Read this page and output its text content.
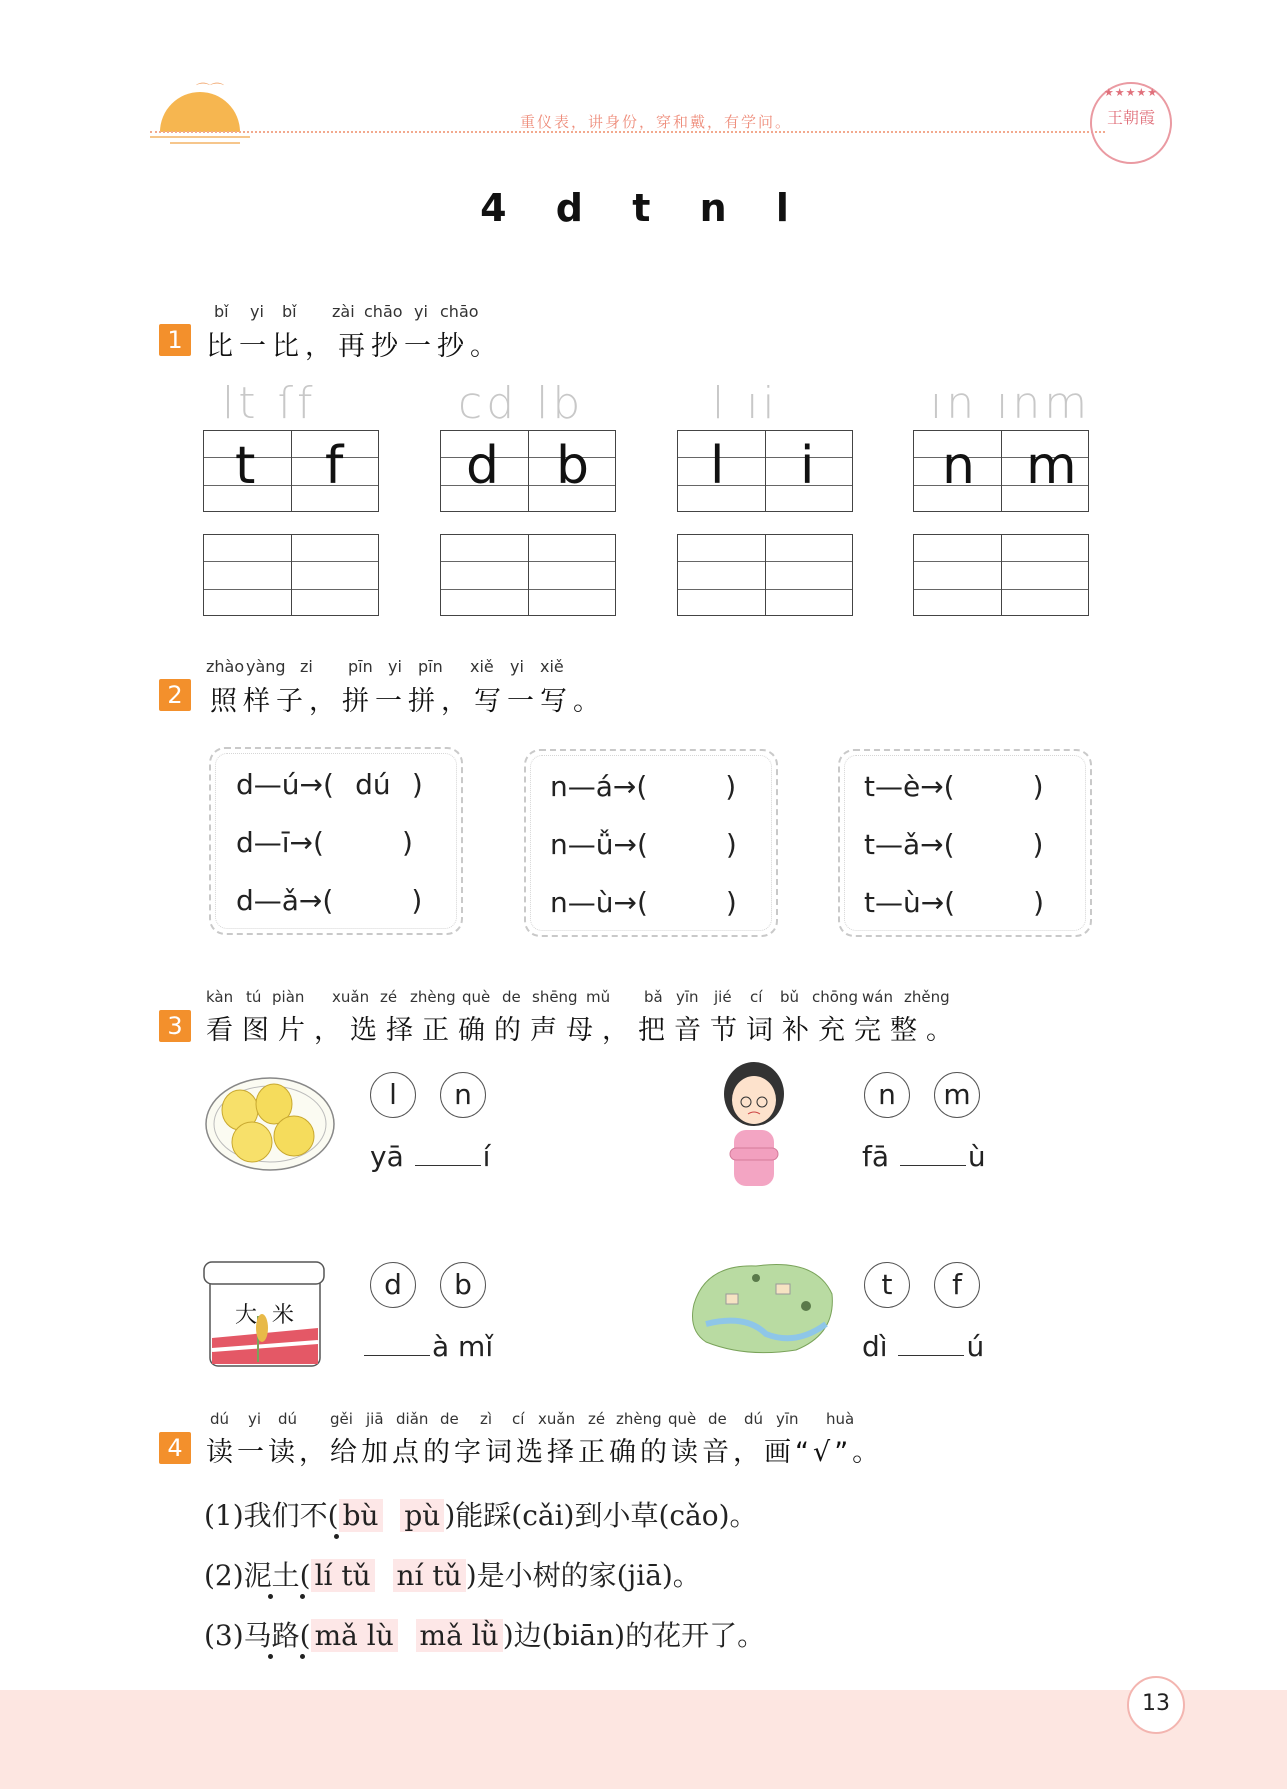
⌒⌒
重仪表，讲身份，穿和戴，有学问。
★★★★★
王朝霞
4 d t n l
bǐ yi bǐ zài chāo yi chāo
1 比一比，再抄一抄。
lt ſf	cd lb	l ıi	ın ınm
t f d b l i n m
zhào yàng zi pīn yi pīn xiě yi xiě
2	照样子，拼一拼，写一写。
d—ú→( dú )
d—ī→(	)
d—ǎ→(	)
n—á→(	)
n—ǚ→(	)
n—ù→(	)
t—è→(	)
t—ǎ→(	)
t—ù→(	)
kàn tú piàn xuǎn zé zhèng què de shēng mǔ bǎ yīn jié cí bǔ chōng wán zhěng
3 看图片，选择正确的声母，把音节词补充完整。
l	n
yā	í
n	m
fā	ù
大 米
d	b
à mǐ
t	f
dì	ú
dú yi dú gěi jiā diǎn de zì cí xuǎn zé zhèng què de dú yīn huà
4 读一读，给加点的字词选择正确的读音，画“√”。
(1)我们不( bù pù )能踩(cǎi)到小草(cǎo)。
(2)泥土( lí tǔ ní tǔ )是小树的家(jiā)。
(3)马路( mǎ lù mǎ lǜ )边(biān)的花开了。
13
